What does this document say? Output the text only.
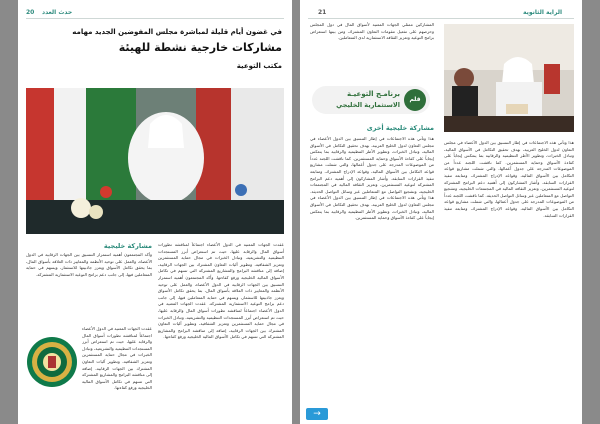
20 حدث العدد
في غضون أيام قليلة لمباشرة مجلس المفوضين الجديد مهامه
مشاركات خارجية نشطة للهيئة
مكتب التوعية
عقدت الجهات المعنية في الدول الأعضاء اجتماعاً لمناقشة تطورات أسواق المال والرقابة عليها، حيث تم استعراض أبرز المستجدات التنظيمية والتشريعية، وتبادل الخبرات في مجال حماية المستثمرين وتعزيز الشفافية، وتطوير آليات التعاون المشترك بين الجهات الرقابية، إضافة إلى مناقشة البرامج والمشاريع المشتركة التي تسهم في تكامل الأسواق المالية الخليجية ورفع كفاءتها. وأكد المجتمعون أهمية استمرار التنسيق بين الجهات الرقابية في الدول الأعضاء، والعمل على توحيد الأنظمة والمعايير ذات العلاقة بأسواق المال، بما يحقق تكامل الأسواق ويعزز جاذبيتها للاستثمار، ويسهم في حماية المتعاملين فيها، إلى جانب دعم برامج التوعية الاستثمارية المشتركة. عقدت الجهات المعنية في الدول الأعضاء اجتماعاً لمناقشة تطورات أسواق المال والرقابة عليها، حيث تم استعراض أبرز المستجدات التنظيمية والتشريعية، وتبادل الخبرات في مجال حماية المستثمرين وتعزيز الشفافية، وتطوير آليات التعاون المشترك بين الجهات الرقابية، إضافة إلى مناقشة البرامج والمشاريع المشتركة التي تسهم في تكامل الأسواق المالية الخليجية ورفع كفاءتها.
مشاركة خليجية
وأكد المجتمعون أهمية استمرار التنسيق بين الجهات الرقابية في الدول الأعضاء، والعمل على توحيد الأنظمة والمعايير ذات العلاقة بأسواق المال، بما يحقق تكامل الأسواق ويعزز جاذبيتها للاستثمار، ويسهم في حماية المتعاملين فيها، إلى جانب دعم برامج التوعية الاستثمارية المشتركة.
عقدت الجهات المعنية في الدول الأعضاء اجتماعاً لمناقشة تطورات أسواق المال والرقابة عليها، حيث تم استعراض أبرز المستجدات التنظيمية والتشريعية، وتبادل الخبرات في مجال حماية المستثمرين وتعزيز الشفافية، وتطوير آليات التعاون المشترك بين الجهات الرقابية، إضافة إلى مناقشة البرامج والمشاريع المشتركة التي تسهم في تكامل الأسواق المالية الخليجية ورفع كفاءتها.
الراية الثانوية
21
المشاركين ممثلي الجهات المعنية لأسواق المال في دول المجلس وحرصهم على تفعيل مقومات التعاون المشترك، ومن بينها استعراض برامج التوعية وتعزيز الثقافة الاستثمارية لدى المتعاملين.
قلم
برنامـج التوعيـة
الاستثمارية الخليجي
مشاركة خليجية أخرى
هذا وتأتي هذه الاجتماعات في إطار التنسيق بين الدول الأعضاء في مجلس التعاون لدول الخليج العربية، بهدف تحقيق التكامل في الأسواق المالية، وتبادل الخبرات، وتطوير الأطر التنظيمية والرقابية بما ينعكس إيجاباً على كفاءة الأسواق وحماية المستثمرين. كما ناقشت اللجنة عدداً من الموضوعات المدرجة على جدول أعمالها، والتي شملت مشاريع قواعد التكامل بين الأسواق المالية، وقواعد الإدراج المشترك، ومتابعة تنفيذ القرارات السابقة. وأشار المشاركون إلى أهمية دعم البرامج المشتركة لتوعية المستثمرين، وتعزيز الثقافة المالية في المجتمعات الخليجية، وتشجيع التواصل مع المتعاملين عبر وسائل التواصل الحديثة. هذا وتأتي هذه الاجتماعات في إطار التنسيق بين الدول الأعضاء في مجلس التعاون لدول الخليج العربية، بهدف تحقيق التكامل في الأسواق المالية، وتبادل الخبرات، وتطوير الأطر التنظيمية والرقابية بما ينعكس إيجاباً على كفاءة الأسواق وحماية المستثمرين.
هذا وتأتي هذه الاجتماعات في إطار التنسيق بين الدول الأعضاء في مجلس التعاون لدول الخليج العربية، بهدف تحقيق التكامل في الأسواق المالية، وتبادل الخبرات، وتطوير الأطر التنظيمية والرقابية بما ينعكس إيجاباً على كفاءة الأسواق وحماية المستثمرين. كما ناقشت اللجنة عدداً من الموضوعات المدرجة على جدول أعمالها، والتي شملت مشاريع قواعد التكامل بين الأسواق المالية، وقواعد الإدراج المشترك، ومتابعة تنفيذ القرارات السابقة. وأشار المشاركون إلى أهمية دعم البرامج المشتركة لتوعية المستثمرين، وتعزيز الثقافة المالية في المجتمعات الخليجية، وتشجيع التواصل مع المتعاملين عبر وسائل التواصل الحديثة. كما ناقشت اللجنة عدداً من الموضوعات المدرجة على جدول أعمالها، والتي شملت مشاريع قواعد التكامل بين الأسواق المالية، وقواعد الإدراج المشترك، ومتابعة تنفيذ القرارات السابقة.
→
